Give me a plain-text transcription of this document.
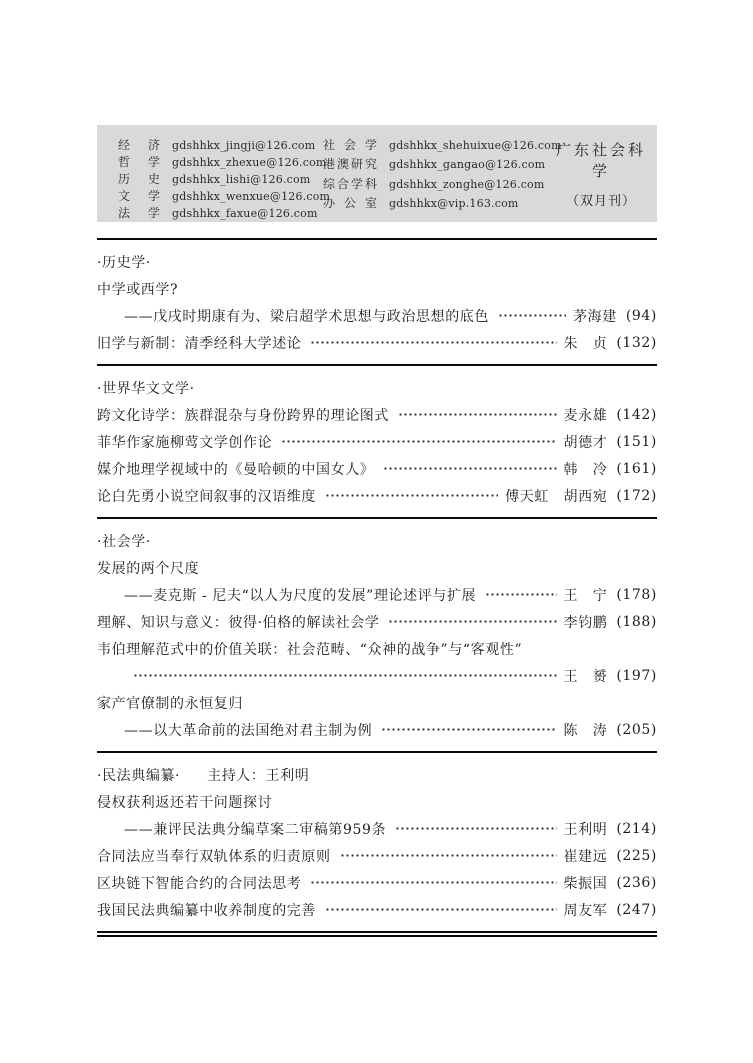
经济 gdshhkx_jingji@126.com
哲学 gdshhkx_zhexue@126.com
历史 gdshhkx_lishi@126.com
文学 gdshhkx_wenxue@126.com
法学 gdshhkx_faxue@126.com
社会学 gdshhkx_shehuixue@126.com
港澳研究 gdshhkx_gangao@126.com
综合学科 gdshhkx_zonghe@126.com
办公室 gdshhkx@vip.163.com
广东社会科学
（双月刊）
·历史学·
中学或西学?
——戊戌时期康有为、梁启超学术思想与政治思想的底色	茅海建 (94)
旧学与新制：清季经科大学述论	朱　贞 (132)
·世界华文文学·
跨文化诗学：族群混杂与身份跨界的理论图式	麦永雄 (142)
菲华作家施柳莺文学创作论	胡德才 (151)
媒介地理学视域中的《曼哈顿的中国女人》	韩　冷 (161)
论白先勇小说空间叙事的汉语维度	傅天虹　胡西宛 (172)
·社会学·
发展的两个尺度
——麦克斯 - 尼夫“以人为尺度的发展”理论述评与扩展	王　宁 (178)
理解、知识与意义：彼得·伯格的解读社会学	李钧鹏 (188)
韦伯理解范式中的价值关联：社会范畴、“众神的战争”与“客观性”
王　赟 (197)
家产官僚制的永恒复归
——以大革命前的法国绝对君主制为例	陈　涛 (205)
·民法典编纂· 主持人：王利明
侵权获利返还若干问题探讨
——兼评民法典分编草案二审稿第959条	王利明 (214)
合同法应当奉行双轨体系的归责原则	崔建远 (225)
区块链下智能合约的合同法思考	柴振国 (236)
我国民法典编纂中收养制度的完善	周友军 (247)
